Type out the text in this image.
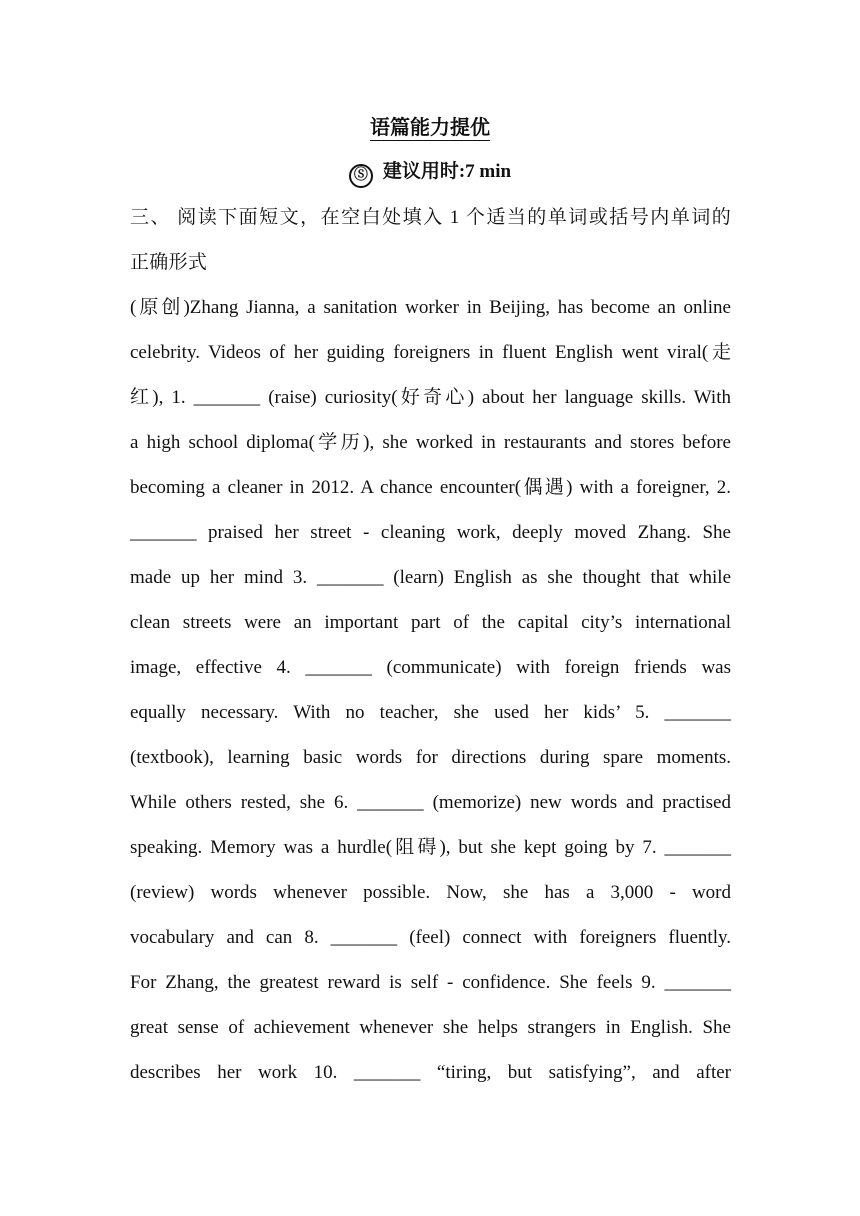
语篇能力提优
Ⓢ 建议用时:7 min
三、 阅读下面短文，在空白处填入 1 个适当的单词或括号内单词的
正确形式
(原创)Zhang Jianna, a sanitation worker in Beijing, has become an online
celebrity. Videos of her guiding foreigners in fluent English went viral(走
红), 1. _______ (raise) curiosity(好奇心) about her language skills. With
a high school diploma(学历), she worked in restaurants and stores before
becoming a cleaner in 2012. A chance encounter(偶遇) with a foreigner, 2.
_______ praised her street - cleaning work, deeply moved Zhang. She
made up her mind 3. _______ (learn) English as she thought that while
clean streets were an important part of the capital city’s international
image, effective 4. _______ (communicate) with foreign friends was
equally necessary. With no teacher, she used her kids’ 5. _______
(textbook), learning basic words for directions during spare moments.
While others rested, she 6. _______ (memorize) new words and practised
speaking. Memory was a hurdle(阻碍), but she kept going by 7. _______
(review) words whenever possible. Now, she has a 3,000 - word
vocabulary and can 8. _______ (feel) connect with foreigners fluently.
For Zhang, the greatest reward is self - confidence. She feels 9. _______
great sense of achievement whenever she helps strangers in English. She
describes her work 10. _______ “tiring, but satisfying”, and after
